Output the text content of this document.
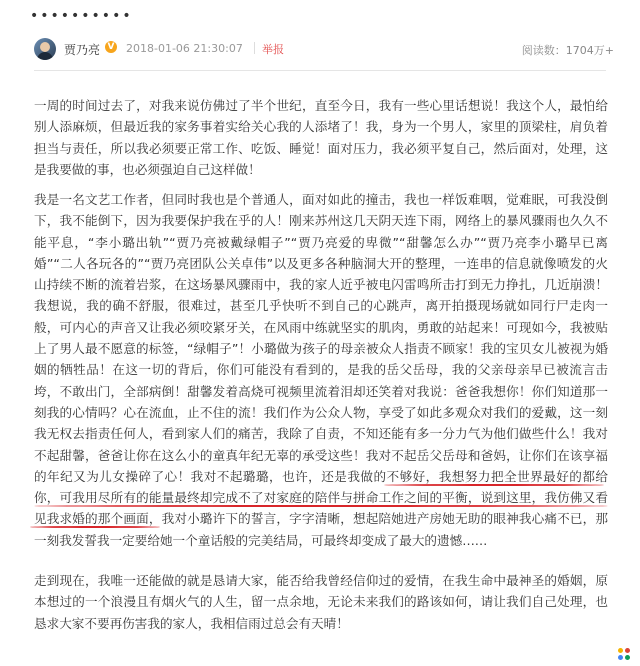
••••••••••
贾乃亮 V 2018-01-06 21:30:07 举报	阅读数：1704万+

一周的时间过去了，对我来说仿佛过了半个世纪，直至今日，我有一些心里话想说！我这个人，最怕给别人添麻烦，但最近我的家务事着实给关心我的人添堵了！我，身为一个男人，家里的顶梁柱，肩负着担当与责任，所以我必须要正常工作、吃饭、睡觉！面对压力，我必须平复自己，然后面对，处理，这是我要做的事，也必须强迫自己这样做！

我是一名文艺工作者，但同时我也是个普通人，面对如此的撞击，我也一样饭难咽，觉难眠，可我没倒下，我不能倒下，因为我要保护我在乎的人！刚来苏州这几天阴天连下雨，网络上的暴风骤雨也久久不能平息，“李小璐出轨”“贾乃亮被戴绿帽子”“贾乃亮爱的卑微”“甜馨怎么办”“贾乃亮李小璐早已离婚”“二人各玩各的”“贾乃亮团队公关卓伟”以及更多各种脑洞大开的整理，一连串的信息就像喷发的火山持续不断的流着岩浆，在这场暴风骤雨中，我的家人近乎被电闪雷鸣所击打到无力挣扎，几近崩溃！我想说，我的确不舒服，很难过，甚至几乎快听不到自己的心跳声，离开拍摄现场就如同行尸走肉一般，可内心的声音又让我必须咬紧牙关，在风雨中练就坚实的肌肉，勇敢的站起来！可现如今，我被贴上了男人最不愿意的标签，“绿帽子”！小璐做为孩子的母亲被众人指责不顾家！我的宝贝女儿被视为婚姻的牺牲品！在这一切的背后，你们可能没有看到的，是我的岳父岳母，我的父亲母亲早已被流言击垮，不敢出门，全部病倒！甜馨发着高烧可视频里流着泪却还笑着对我说：爸爸我想你！你们知道那一刻我的心情吗？心在流血，止不住的流！我们作为公众人物，享受了如此多观众对我们的爱戴，这一刻我无权去指责任何人，看到家人们的痛苦，我除了自责，不知还能有多一分力气为他们做些什么！我对不起甜馨，爸爸让你在这么小的童真年纪无辜的承受这些！我对不起岳父岳母和爸妈，让你们在该享福的年纪又为儿女操碎了心！我对不起璐璐，也许，还是我做的不够好，我想努力把全世界最好的都给你，可我用尽所有的能量最终却完成不了对家庭的陪伴与拼命工作之间的平衡，说到这里，我仿佛又看见我求婚的那个画面，我对小璐许下的誓言，字字清晰，想起陪她进产房她无助的眼神我心痛不已，那一刻我发誓我一定要给她一个童话般的完美结局，可最终却变成了最大的遗憾……

走到现在，我唯一还能做的就是恳请大家，能否给我曾经信仰过的爱情，在我生命中最神圣的婚姻，原本想过的一个浪漫且有烟火气的人生，留一点余地，无论未来我们的路该如何，请让我们自己处理，也恳求大家不要再伤害我的家人，我相信雨过总会有天晴！
